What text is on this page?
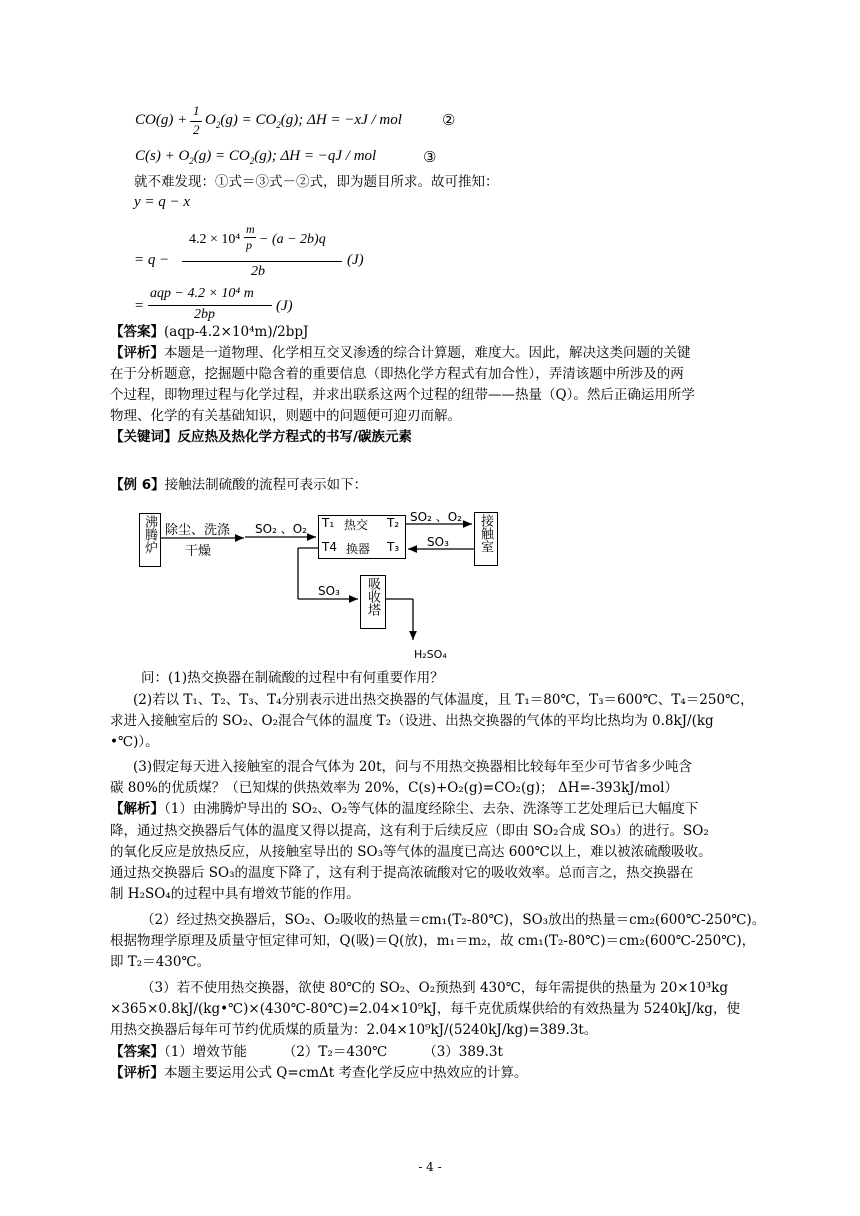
CO(g) +
1
2
$O_2(g) = CO_2(g)$; ΔH = −xJ / mol	②
$C(s) + O_2(g) = CO_2(g)$; ΔH = −qJ / mol	③
就不难发现：①式＝③式－②式，即为题目所求。故可推知：
y = q − x
= q −
4.2 × 10⁴
m
p − (a − 2b)q
2b
(J)
=
aqp − 4.2 × 10⁴ m
2bp
(J)
【答案】(aqp-4.2×10⁴m)/2bpJ
【评析】本题是一道物理、化学相互交叉渗透的综合计算题，难度大。因此，解决这类问题的关键
在于分析题意，挖掘题中隐含着的重要信息（即热化学方程式有加合性），弄清该题中所涉及的两
个过程，即物理过程与化学过程，并求出联系这两个过程的纽带——热量（Q）。然后正确运用所学
物理、化学的有关基础知识，则题中的问题便可迎刃而解。
【关键词】反应热及热化学方程式的书写/碳族元素
【例 6】接触法制硫酸的流程可表示如下：
沸腾炉 除尘、洗涤
干燥
SO₂ 、O₂ T₁ 热交 T₂
T4 换器 T₃
SO₂ 、O₂
SO₃ 接触室
SO₃ 吸收塔
H₂SO₄
问：(1)热交换器在制硫酸的过程中有何重要作用？
(2)若以 T₁、T₂、T₃、T₄分别表示进出热交换器的气体温度，且 T₁＝80℃，T₃＝600℃、T₄＝250℃，
求进入接触室后的 SO₂、O₂混合气体的温度 T₂（设进、出热交换器的气体的平均比热均为 0.8kJ/(kg
•℃)）。
(3)假定每天进入接触室的混合气体为 20t，问与不用热交换器相比较每年至少可节省多少吨含
碳 80%的优质煤？（已知煤的供热效率为 20%，C(s)+O₂(g)=CO₂(g)； ΔH=-393kJ/mol）
【解析】（1）由沸腾炉导出的 SO₂、O₂等气体的温度经除尘、去杂、洗涤等工艺处理后已大幅度下
降，通过热交换器后气体的温度又得以提高，这有利于后续反应（即由 SO₂合成 SO₃）的进行。SO₂
的氧化反应是放热反应，从接触室导出的 SO₃等气体的温度已高达 600℃以上，难以被浓硫酸吸收。
通过热交换器后 SO₃的温度下降了，这有利于提高浓硫酸对它的吸收效率。总而言之，热交换器在
制 H₂SO₄的过程中具有增效节能的作用。
（2）经过热交换器后，SO₂、O₂吸收的热量＝cm₁(T₂-80℃)，SO₃放出的热量＝cm₂(600℃-250℃)。
根据物理学原理及质量守恒定律可知，Q(吸)＝Q(放)，m₁＝m₂，故 cm₁(T₂-80℃)＝cm₂(600℃-250℃)，
即 T₂＝430℃。
（3）若不使用热交换器，欲使 80℃的 SO₂、O₂预热到 430℃，每年需提供的热量为 20×10³kg
×365×0.8kJ/(kg•℃)×(430℃-80℃)=2.04×10⁹kJ，每千克优质煤供给的有效热量为 5240kJ/kg，使
用热交换器后每年可节约优质煤的质量为：2.04×10⁹kJ/(5240kJ/kg)=389.3t。
【答案】（1）增效节能	（2）T₂＝430℃	（3）389.3t
【评析】本题主要运用公式 Q=cmΔt 考查化学反应中热效应的计算。
- 4 -
